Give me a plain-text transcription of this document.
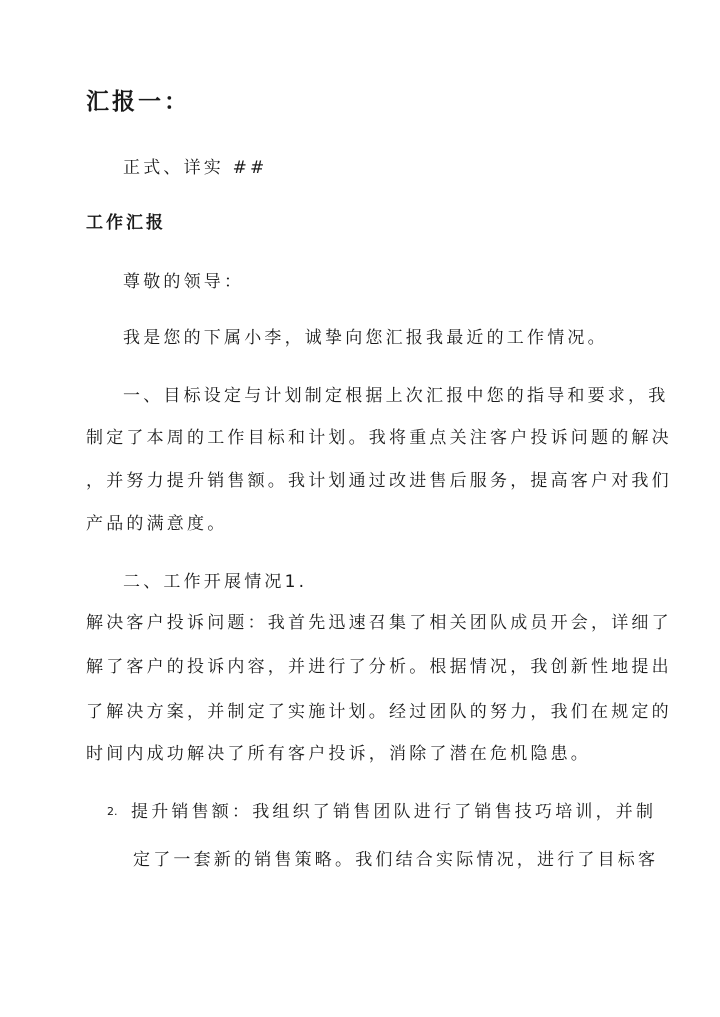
汇报一：
正式、详实 ##
工作汇报
尊敬的领导：
我是您的下属小李，诚挚向您汇报我最近的工作情况。
一、目标设定与计划制定根据上次汇报中您的指导和要求，我
制定了本周的工作目标和计划。我将重点关注客户投诉问题的解决
，并努力提升销售额。我计划通过改进售后服务，提高客户对我们
产品的满意度。
二、工作开展情况1.
解决客户投诉问题：我首先迅速召集了相关团队成员开会，详细了
解了客户的投诉内容，并进行了分析。根据情况，我创新性地提出
了解决方案，并制定了实施计划。经过团队的努力，我们在规定的
时间内成功解决了所有客户投诉，消除了潜在危机隐患。
2. 提升销售额：我组织了销售团队进行了销售技巧培训，并制
定了一套新的销售策略。我们结合实际情况，进行了目标客
